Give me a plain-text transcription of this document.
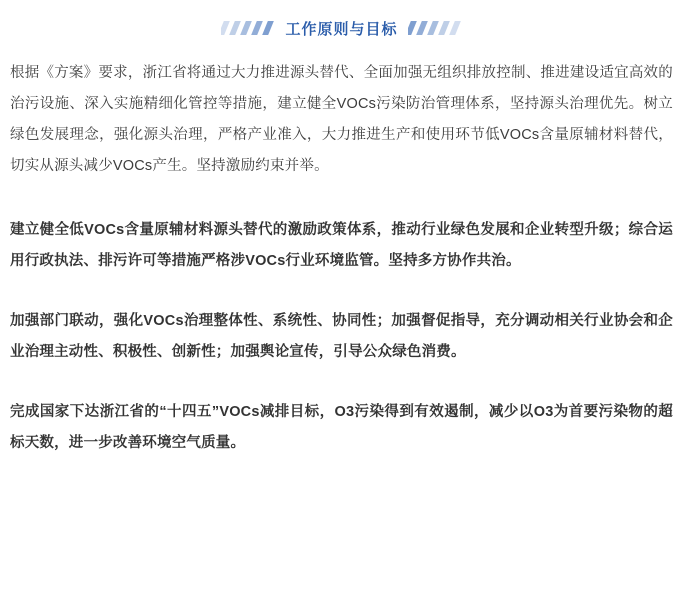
工作原则与目标

根据《方案》要求，浙江省将通过大力推进源头替代、全面加强无组织排放控制、推进建设适宜高效的治污设施、深入实施精细化管控等措施，建立健全VOCs污染防治管理体系，坚持源头治理优先。树立绿色发展理念，强化源头治理，严格产业准入，大力推进生产和使用环节低VOCs含量原辅材料替代，切实从源头减少VOCs产生。坚持激励约束并举。

建立健全低VOCs含量原辅材料源头替代的激励政策体系，推动行业绿色发展和企业转型升级；综合运用行政执法、排污许可等措施严格涉VOCs行业环境监管。坚持多方协作共治。

加强部门联动，强化VOCs治理整体性、系统性、协同性；加强督促指导，充分调动相关行业协会和企业治理主动性、积极性、创新性；加强舆论宣传，引导公众绿色消费。

完成国家下达浙江省的“十四五”VOCs减排目标，O3污染得到有效遏制，减少以O3为首要污染物的超标天数，进一步改善环境空气质量。
